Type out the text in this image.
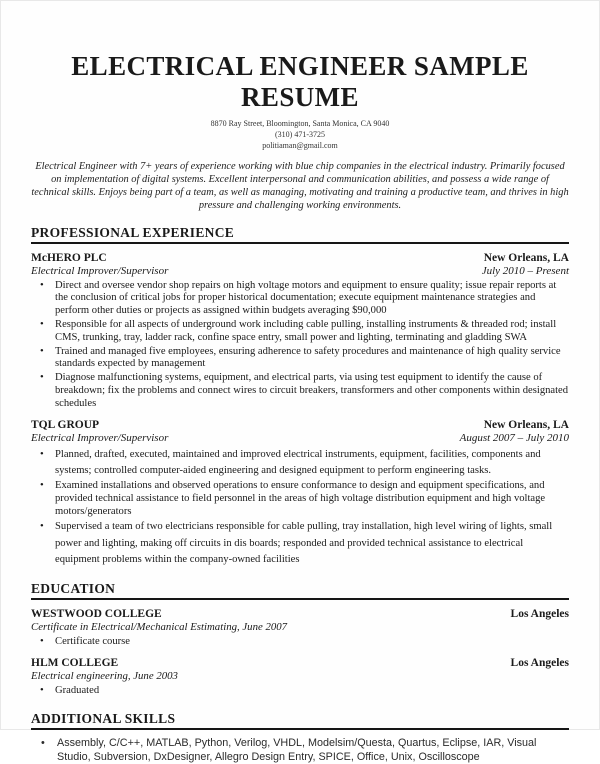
ELECTRICAL ENGINEER SAMPLE RESUME
8870 Ray Street, Bloomington, Santa Monica, CA 9040
(310) 471-3725
politiaman@gmail.com
Electrical Engineer with 7+ years of experience working with blue chip companies in the electrical industry. Primarily focused on implementation of digital systems. Excellent interpersonal and communication abilities, and possess a wide range of technical skills. Enjoys being part of a team, as well as managing, motivating and training a productive team, and thrives in high pressure and challenging working environments.
PROFESSIONAL EXPERIENCE
McHERO PLC	New Orleans, LA
Electrical Improver/Supervisor	July 2010 – Present
• Direct and oversee vendor shop repairs on high voltage motors and equipment to ensure quality; issue repair reports at the conclusion of critical jobs for proper historical documentation; execute equipment maintenance strategies and perform other duties or projects as assigned within budgets averaging $90,000
• Responsible for all aspects of underground work including cable pulling, installing instruments & threaded rod; install CMS, trunking, tray, ladder rack, confine space entry, small power and lighting, terminating and gladding SWA
• Trained and managed five employees, ensuring adherence to safety procedures and maintenance of high quality service standards expected by management
• Diagnose malfunctioning systems, equipment, and electrical parts, via using test equipment to identify the cause of breakdown; fix the problems and connect wires to circuit breakers, transformers and other components within designated schedules
TQL GROUP	New Orleans, LA
Electrical Improver/Supervisor	August 2007 – July 2010
• Planned, drafted, executed, maintained and improved electrical instruments, equipment, facilities, components and systems; controlled computer-aided engineering and designed equipment to perform engineering tasks.
• Examined installations and observed operations to ensure conformance to design and equipment specifications, and provided technical assistance to field personnel in the areas of high voltage distribution equipment and high voltage motors/generators
• Supervised a team of two electricians responsible for cable pulling, tray installation, high level wiring of lights, small power and lighting, making off circuits in dis boards; responded and provided technical assistance to electrical equipment problems within the company-owned facilities
EDUCATION
WESTWOOD COLLEGE	Los Angeles
Certificate in Electrical/Mechanical Estimating, June 2007
• Certificate course
HLM COLLEGE	Los Angeles
Electrical engineering, June 2003
• Graduated
ADDITIONAL SKILLS
• Assembly, C/C++, MATLAB, Python, Verilog, VHDL, Modelsim/Questa, Quartus, Eclipse, IAR, Visual Studio, Subversion, DxDesigner, Allegro Design Entry, SPICE, Office, Unix, Oscilloscope
